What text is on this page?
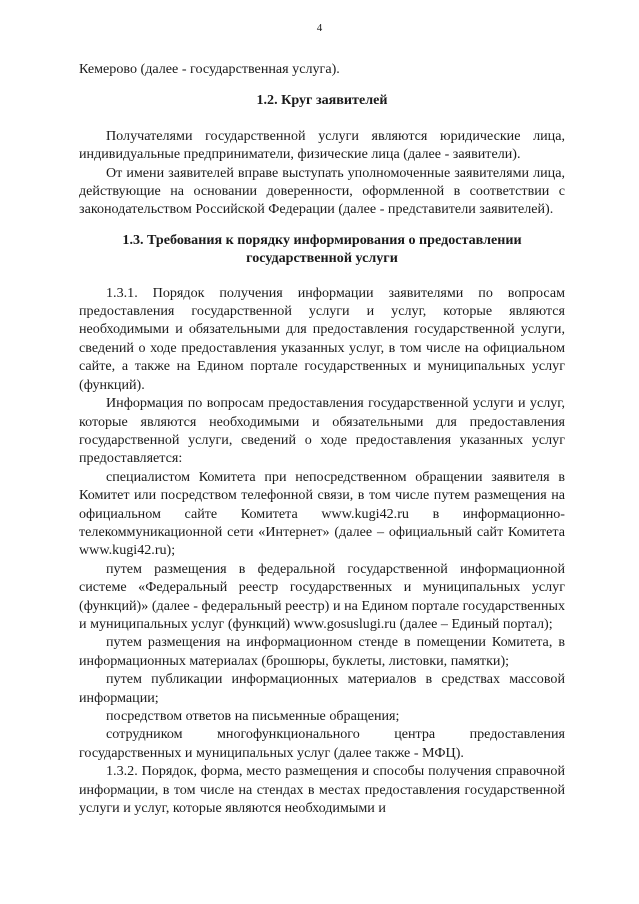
4

Кемерово (далее - государственная услуга).

1.2. Круг заявителей

Получателями государственной услуги являются юридические лица, индивидуальные предприниматели, физические лица (далее - заявители).

От имени заявителей вправе выступать уполномоченные заявителями лица, действующие на основании доверенности, оформленной в соответствии с законодательством Российской Федерации (далее - представители заявителей).

1.3. Требования к порядку информирования о предоставлении государственной услуги

1.3.1. Порядок получения информации заявителями по вопросам предоставления государственной услуги и услуг, которые являются необходимыми и обязательными для предоставления государственной услуги, сведений о ходе предоставления указанных услуг, в том числе на официальном сайте, а также на Едином портале государственных и муниципальных услуг (функций).

Информация по вопросам предоставления государственной услуги и услуг, которые являются необходимыми и обязательными для предоставления государственной услуги, сведений о ходе предоставления указанных услуг предоставляется:

специалистом Комитета при непосредственном обращении заявителя в Комитет или посредством телефонной связи, в том числе путем размещения на официальном сайте Комитета www.kugi42.ru в информационно-телекоммуникационной сети «Интернет» (далее – официальный сайт Комитета www.kugi42.ru);

путем размещения в федеральной государственной информационной системе «Федеральный реестр государственных и муниципальных услуг (функций)» (далее - федеральный реестр) и на Едином портале государственных и муниципальных услуг (функций) www.gosuslugi.ru (далее – Единый портал);

путем размещения на информационном стенде в помещении Комитета, в информационных материалах (брошюры, буклеты, листовки, памятки);

путем публикации информационных материалов в средствах массовой информации;

посредством ответов на письменные обращения;

сотрудником многофункционального центра предоставления государственных и муниципальных услуг (далее также - МФЦ).

1.3.2. Порядок, форма, место размещения и способы получения справочной информации, в том числе на стендах в местах предоставления государственной услуги и услуг, которые являются необходимыми и
